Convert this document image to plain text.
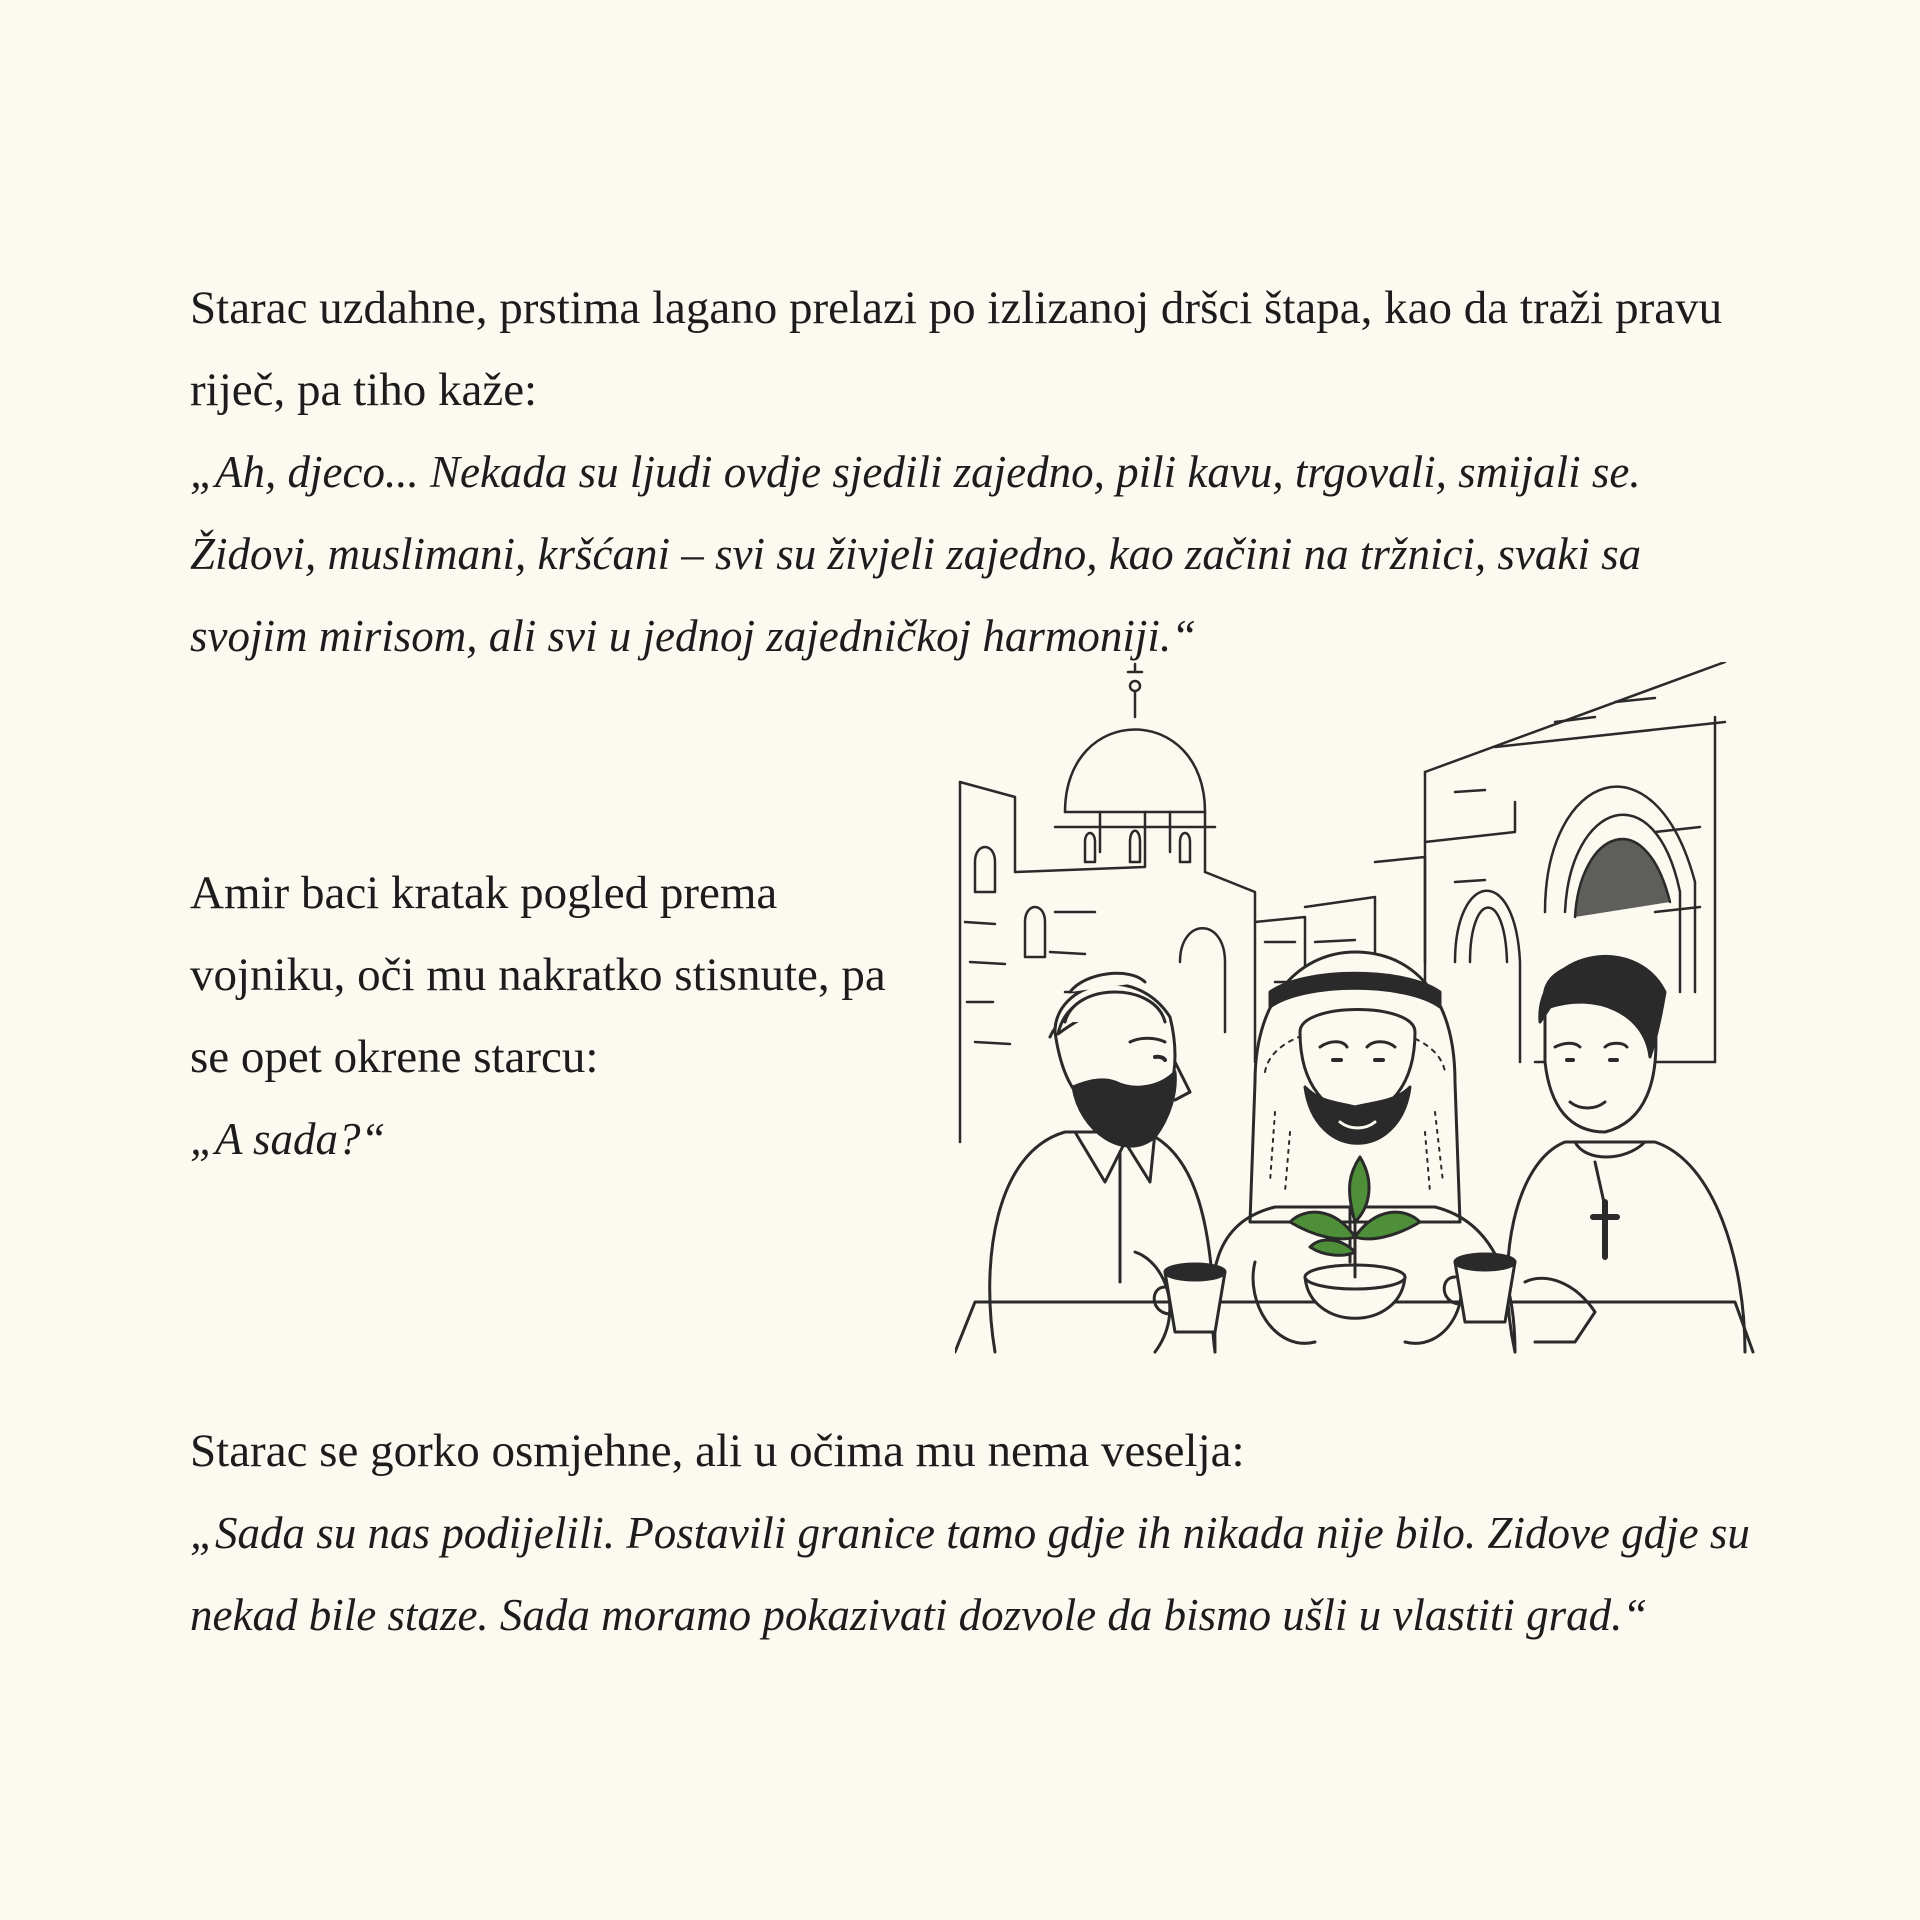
Starac uzdahne, prstima lagano prelazi po izlizanoj dršci štapa, kao da traži pravu riječ, pa tiho kaže:

„Ah, djeco... Nekada su ljudi ovdje sjedili zajedno, pili kavu, trgovali, smijali se. Židovi, muslimani, kršćani – svi su živjeli zajedno, kao začini na tržnici, svaki sa svojim mirisom, ali svi u jednoj zajedničkoj harmoniji.“

Amir baci kratak pogled prema vojniku, oči mu nakratko stisnute, pa se opet okrene starcu:

„A sada?“

Starac se gorko osmjehne, ali u očima mu nema veselja:

„Sada su nas podijelili. Postavili granice tamo gdje ih nikada nije bilo. Zidove gdje su nekad bile staze. Sada moramo pokazivati dozvole da bismo ušli u vlastiti grad.“
